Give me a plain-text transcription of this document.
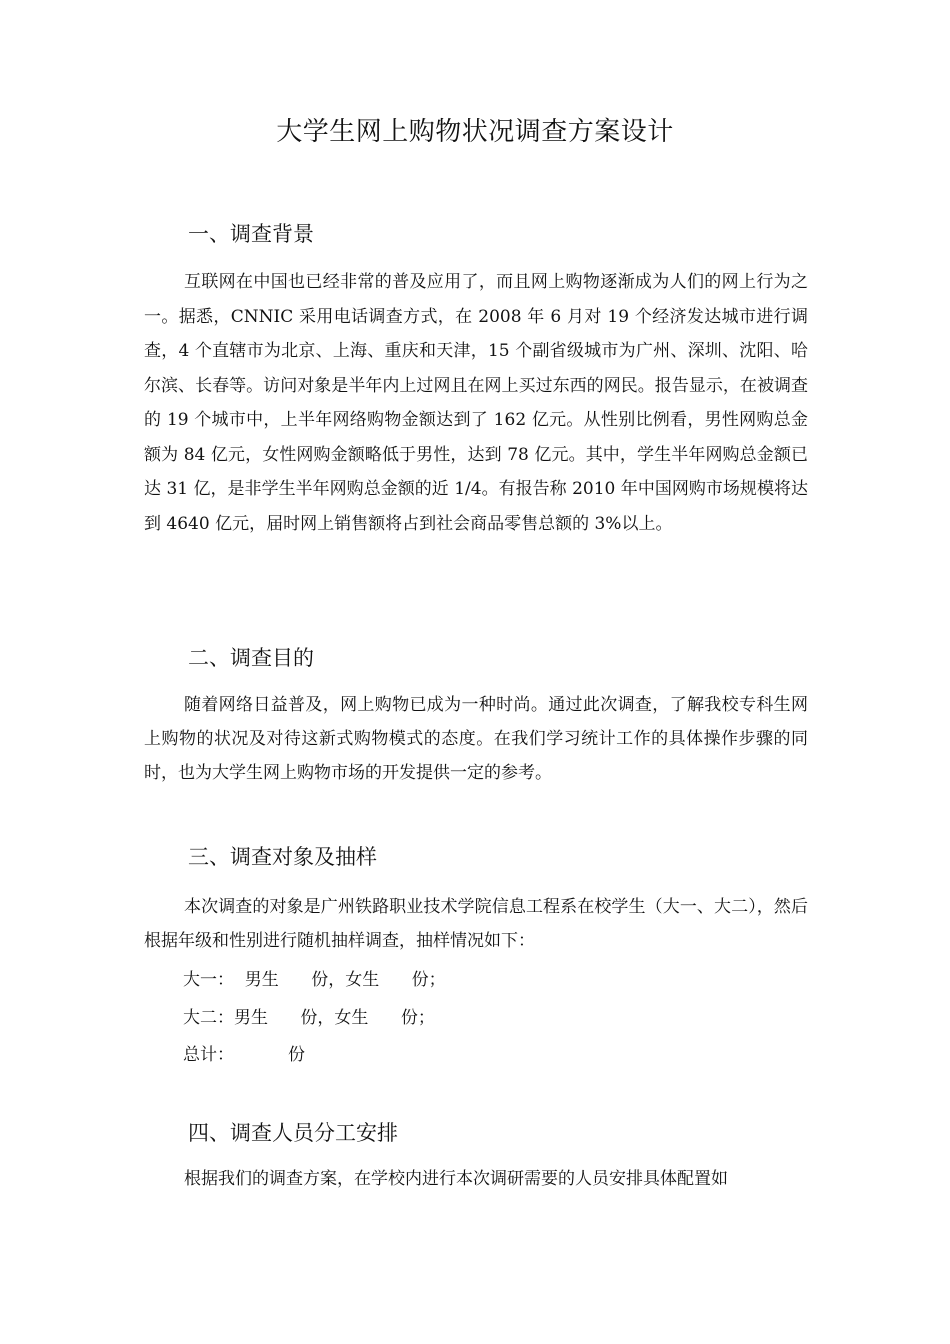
大学生网上购物状况调查方案设计
一、调查背景

互联网在中国也已经非常的普及应用了，而且网上购物逐渐成为人们的网上行为之一。据悉，CNNIC 采用电话调查方式，在 2008 年 6 月对 19 个经济发达城市进行调查，4 个直辖市为北京、上海、重庆和天津，15 个副省级城市为广州、深圳、沈阳、哈尔滨、长春等。访问对象是半年内上过网且在网上买过东西的网民。报告显示，在被调查的 19 个城市中，上半年网络购物金额达到了 162 亿元。从性别比例看，男性网购总金额为 84 亿元，女性网购金额略低于男性，达到 78 亿元。其中，学生半年网购总金额已达 31 亿，是非学生半年网购总金额的近 1/4。有报告称 2010 年中国网购市场规模将达到 4640 亿元，届时网上销售额将占到社会商品零售总额的 3%以上。

二、调查目的

随着网络日益普及，网上购物已成为一种时尚。通过此次调查，了解我校专科生网上购物的状况及对待这新式购物模式的态度。在我们学习统计工作的具体操作步骤的同时，也为大学生网上购物市场的开发提供一定的参考。

三、调查对象及抽样

本次调查的对象是广州铁路职业技术学院信息工程系在校学生（大一、大二），然后根据年级和性别进行随机抽样调查，抽样情况如下：

大一：  男生      份，女生      份；
大二：男生      份，女生      份；
总计：          份
四、调查人员分工安排

根据我们的调查方案，在学校内进行本次调研需要的人员安排具体配置如
